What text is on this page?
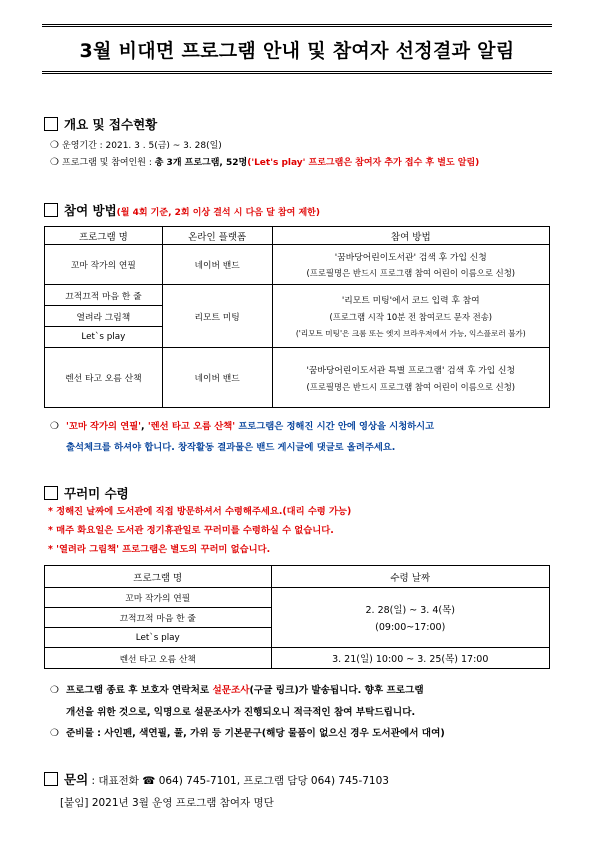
3월 비대면 프로그램 안내 및 참여자 선정결과 알림
개요 및 접수현황
❍ 운영기간 : 2021. 3 . 5(금) ~ 3. 28(일)
❍ 프로그램 및 참여인원 : 총 3개 프로그램, 52명('Let's play' 프로그램은 참여자 추가 접수 후 별도 알림)
참여 방법(월 4회 기준, 2회 이상 결석 시 다음 달 참여 제한)
프로그램 명	온라인 플랫폼	참여 방법
꼬마 작가의 연필	네이버 밴드	'꿈바당어린이도서관' 검색 후 가입 신청
(프로필명은 반드시 프로그램 참여 어린이 이름으로 신청)

끄적끄적 마음 한 줄	리모트 미팅	'리모트 미팅'에서 코드 입력 후 참여
(프로그램 시작 10분 전 참여코드 문자 전송)
('리모트 미팅'은 크롬 또는 엣지 브라우저에서 가능, 익스플로러 불가)

열려라 그림책		
Let`s play		
렌선 타고 오름 산책	네이버 밴드	'꿈바당어린이도서관 특별 프로그램' 검색 후 가입 신청
(프로필명은 반드시 프로그램 참여 어린이 이름으로 신청)
❍ '꼬마 작가의 연필', '렌선 타고 오름 산책' 프로그램은 정해진 시간 안에 영상을 시청하시고
출석체크를 하셔야 합니다. 창작활동 결과물은 밴드 게시글에 댓글로 올려주세요.
꾸러미 수령
* 정해진 날짜에 도서관에 직접 방문하셔서 수령해주세요.(대리 수령 가능)
* 매주 화요일은 도서관 정기휴관일로 꾸러미를 수령하실 수 없습니다.
* '열려라 그림책' 프로그램은 별도의 꾸러미 없습니다.
프로그램 명	수령 날짜
꼬마 작가의 연필	2. 28(일) ~ 3. 4(목)
(09:00~17:00)

끄적끄적 마음 한 줄	
Let`s play	
렌선 타고 오름 산책	3. 21(일) 10:00 ~ 3. 25(목) 17:00
❍ 프로그램 종료 후 보호자 연락처로 설문조사(구글 링크)가 발송됩니다. 향후 프로그램
개선을 위한 것으로, 익명으로 설문조사가 진행되오니 적극적인 참여 부탁드립니다.
❍ 준비물 : 사인펜, 색연필, 풀, 가위 등 기본문구(해당 물품이 없으신 경우 도서관에서 대여)
문의 : 대표전화 ☎ 064) 745-7101, 프로그램 담당 064) 745-7103
[붙임] 2021년 3월 운영 프로그램 참여자 명단
